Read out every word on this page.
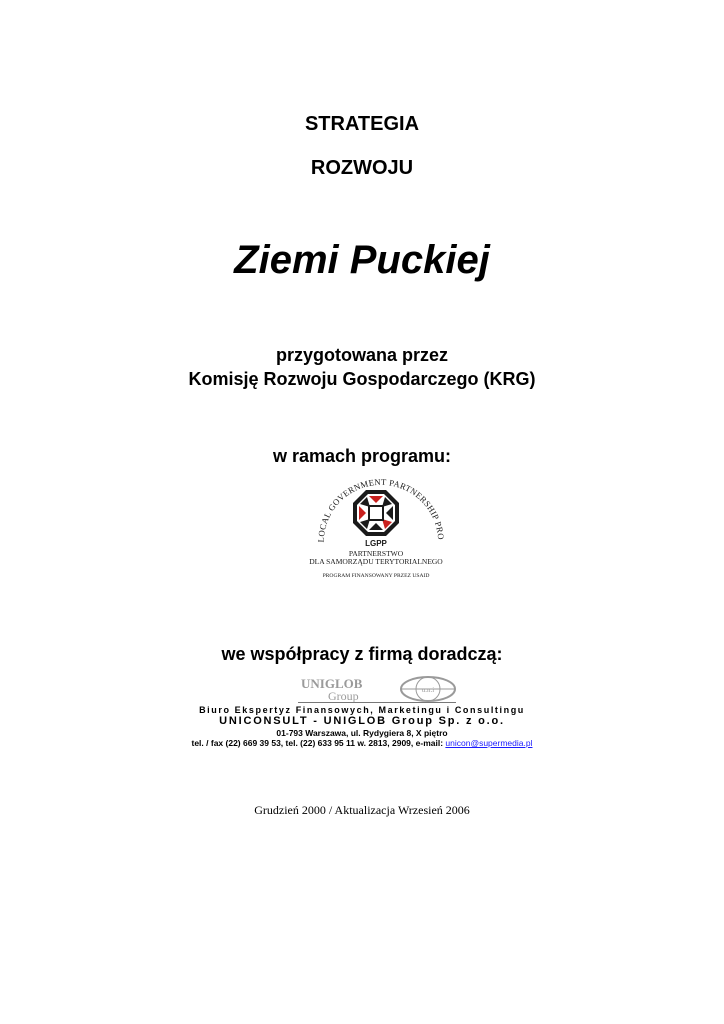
STRATEGIA
ROZWOJU
Ziemi Puckiej
przygotowana przez
Komisję Rozwoju Gospodarczego (KRG)
w ramach programu:
LOCAL GOVERNMENT PARTNERSHIP PRO
LGPP
PARTNERSTWO
DLA SAMORZĄDU TERYTORIALNEGO
PROGRAM FINANSOWANY PRZEZ USAID
we współpracy z firmą doradczą:
UNIGLOB
Group	u.n.i
Biuro Ekspertyz Finansowych, Marketingu i Consultingu
UNICONSULT - UNIGLOB Group Sp. z o.o.
01-793 Warszawa, ul. Rydygiera 8, X piętro
tel. / fax (22) 669 39 53, tel. (22) 633 95 11 w. 2813, 2909, e-mail: unicon@supermedia.pl
Grudzień 2000 / Aktualizacja Wrzesień 2006
